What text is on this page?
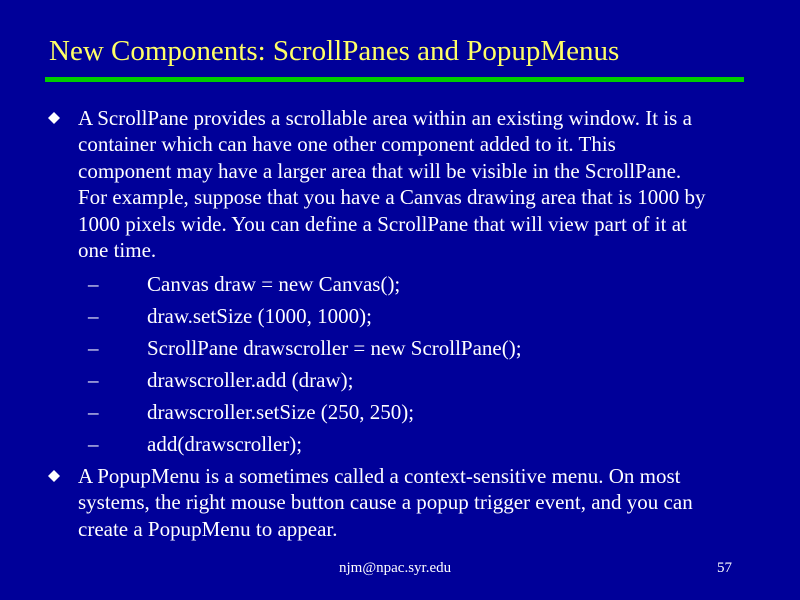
New Components: ScrollPanes and PopupMenus
A ScrollPane provides a scrollable area within an existing window. It is a
container which can have one other component added to it. This
component may have a larger area that will be visible in the ScrollPane.
For example, suppose that you have a Canvas drawing area that is 1000 by
1000 pixels wide. You can define a ScrollPane that will view part of it at
one time.
– Canvas draw = new Canvas();
– draw.setSize (1000, 1000);
– ScrollPane drawscroller = new ScrollPane();
– drawscroller.add (draw);
– drawscroller.setSize (250, 250);
– add(drawscroller);
A PopupMenu is a sometimes called a context-sensitive menu. On most
systems, the right mouse button cause a popup trigger event, and you can
create a PopupMenu to appear.
njm@npac.syr.edu	57
